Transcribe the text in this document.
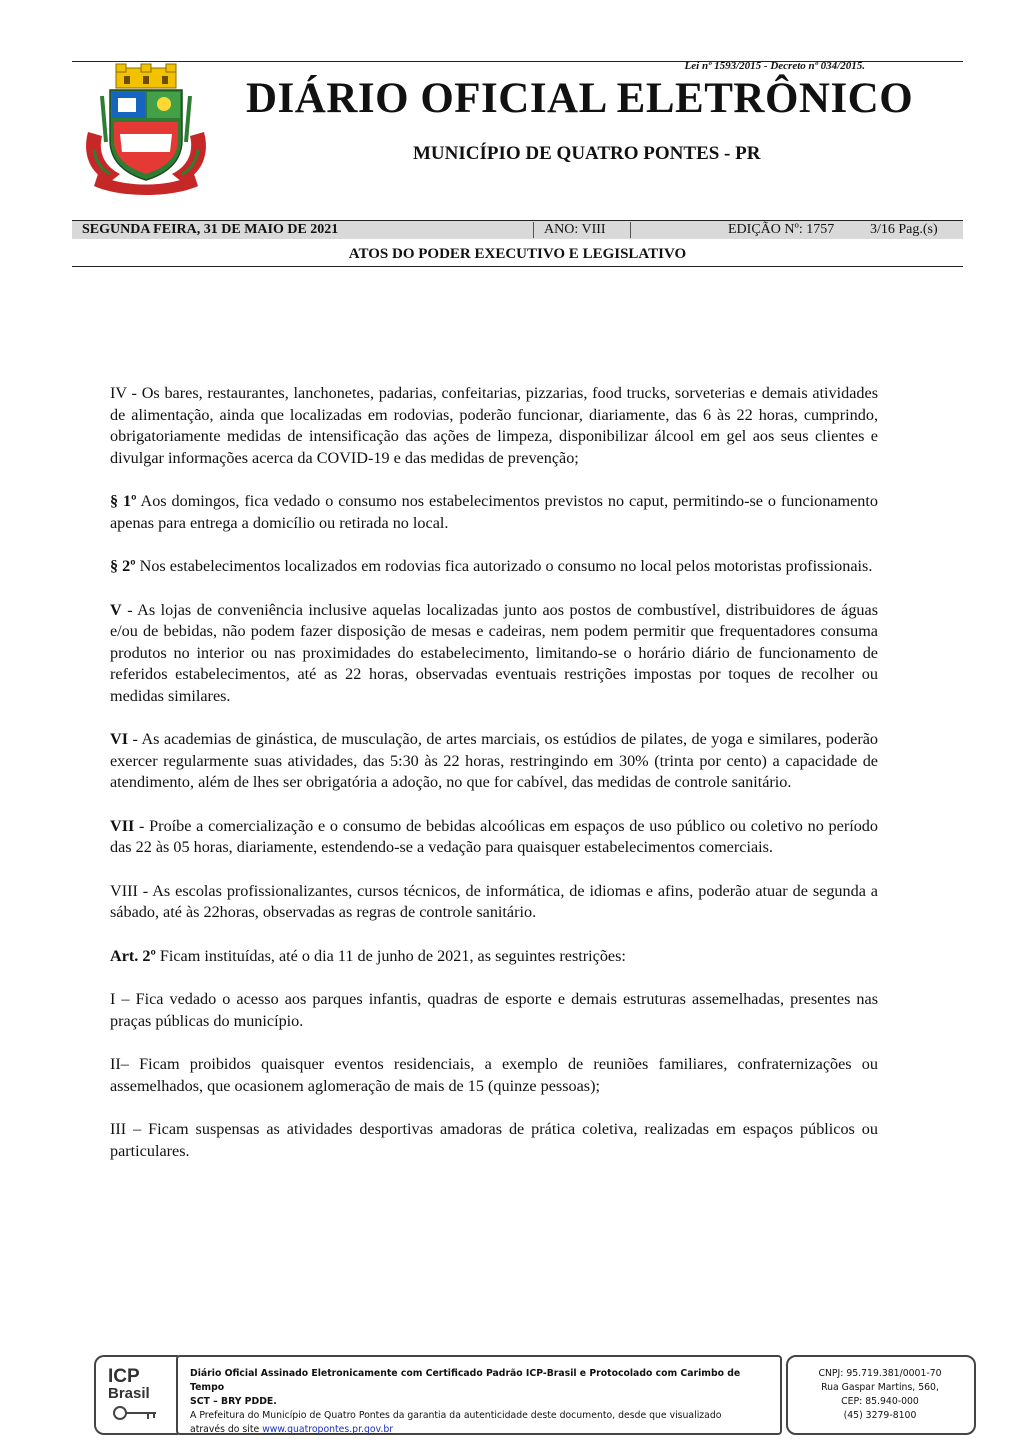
Lei nº 1593/2015 - Decreto nº 034/2015.
DIÁRIO OFICIAL ELETRÔNICO
MUNICÍPIO DE QUATRO PONTES - PR
SEGUNDA FEIRA, 31 DE MAIO DE 2021	ANO: VIII	EDIÇÃO Nº: 1757	3/16 Pag.(s)
ATOS DO PODER EXECUTIVO E LEGISLATIVO

IV - Os bares, restaurantes, lanchonetes, padarias, confeitarias, pizzarias, food trucks, sorveterias e demais atividades de alimentação, ainda que localizadas em rodovias, poderão funcionar, diariamente, das 6 às 22 horas, cumprindo, obrigatoriamente medidas de intensificação das ações de limpeza, disponibilizar álcool em gel aos seus clientes e divulgar informações acerca da COVID-19 e das medidas de prevenção;

§ 1º Aos domingos, fica vedado o consumo nos estabelecimentos previstos no caput, permitindo-se o funcionamento apenas para entrega a domicílio ou retirada no local.

§ 2º Nos estabelecimentos localizados em rodovias fica autorizado o consumo no local pelos motoristas profissionais.

V - As lojas de conveniência inclusive aquelas localizadas junto aos postos de combustível, distribuidores de águas e/ou de bebidas, não podem fazer disposição de mesas e cadeiras, nem podem permitir que frequentadores consuma produtos no interior ou nas proximidades do estabelecimento, limitando-se o horário diário de funcionamento de referidos estabelecimentos, até as 22 horas, observadas eventuais restrições impostas por toques de recolher ou medidas similares.

VI - As academias de ginástica, de musculação, de artes marciais, os estúdios de pilates, de yoga e similares, poderão exercer regularmente suas atividades, das 5:30 às 22 horas, restringindo em 30% (trinta por cento) a capacidade de atendimento, além de lhes ser obrigatória a adoção, no que for cabível, das medidas de controle sanitário.

VII - Proíbe a comercialização e o consumo de bebidas alcoólicas em espaços de uso público ou coletivo no período das 22 às 05 horas, diariamente, estendendo-se a vedação para quaisquer estabelecimentos comerciais.

VIII - As escolas profissionalizantes, cursos técnicos, de informática, de idiomas e afins, poderão atuar de segunda a sábado, até às 22horas, observadas as regras de controle sanitário.

Art. 2º Ficam instituídas, até o dia 11 de junho de 2021, as seguintes restrições:

I – Fica vedado o acesso aos parques infantis, quadras de esporte e demais estruturas assemelhadas, presentes nas praças públicas do município.

II– Ficam proibidos quaisquer eventos residenciais, a exemplo de reuniões familiares, confraternizações ou assemelhados, que ocasionem aglomeração de mais de 15 (quinze pessoas);

III – Ficam suspensas as atividades desportivas amadoras de prática coletiva, realizadas em espaços públicos ou particulares.

ICP
Brasil
Diário Oficial Assinado Eletronicamente com Certificado Padrão ICP-Brasil e Protocolado com Carimbo de Tempo
SCT – BRY PDDE.
A Prefeitura do Município de Quatro Pontes da garantia da autenticidade deste documento, desde que visualizado
através do site www.quatropontes.pr.gov.br
CNPJ: 95.719.381/0001-70
Rua Gaspar Martins, 560,
CEP: 85.940-000
(45) 3279-8100
